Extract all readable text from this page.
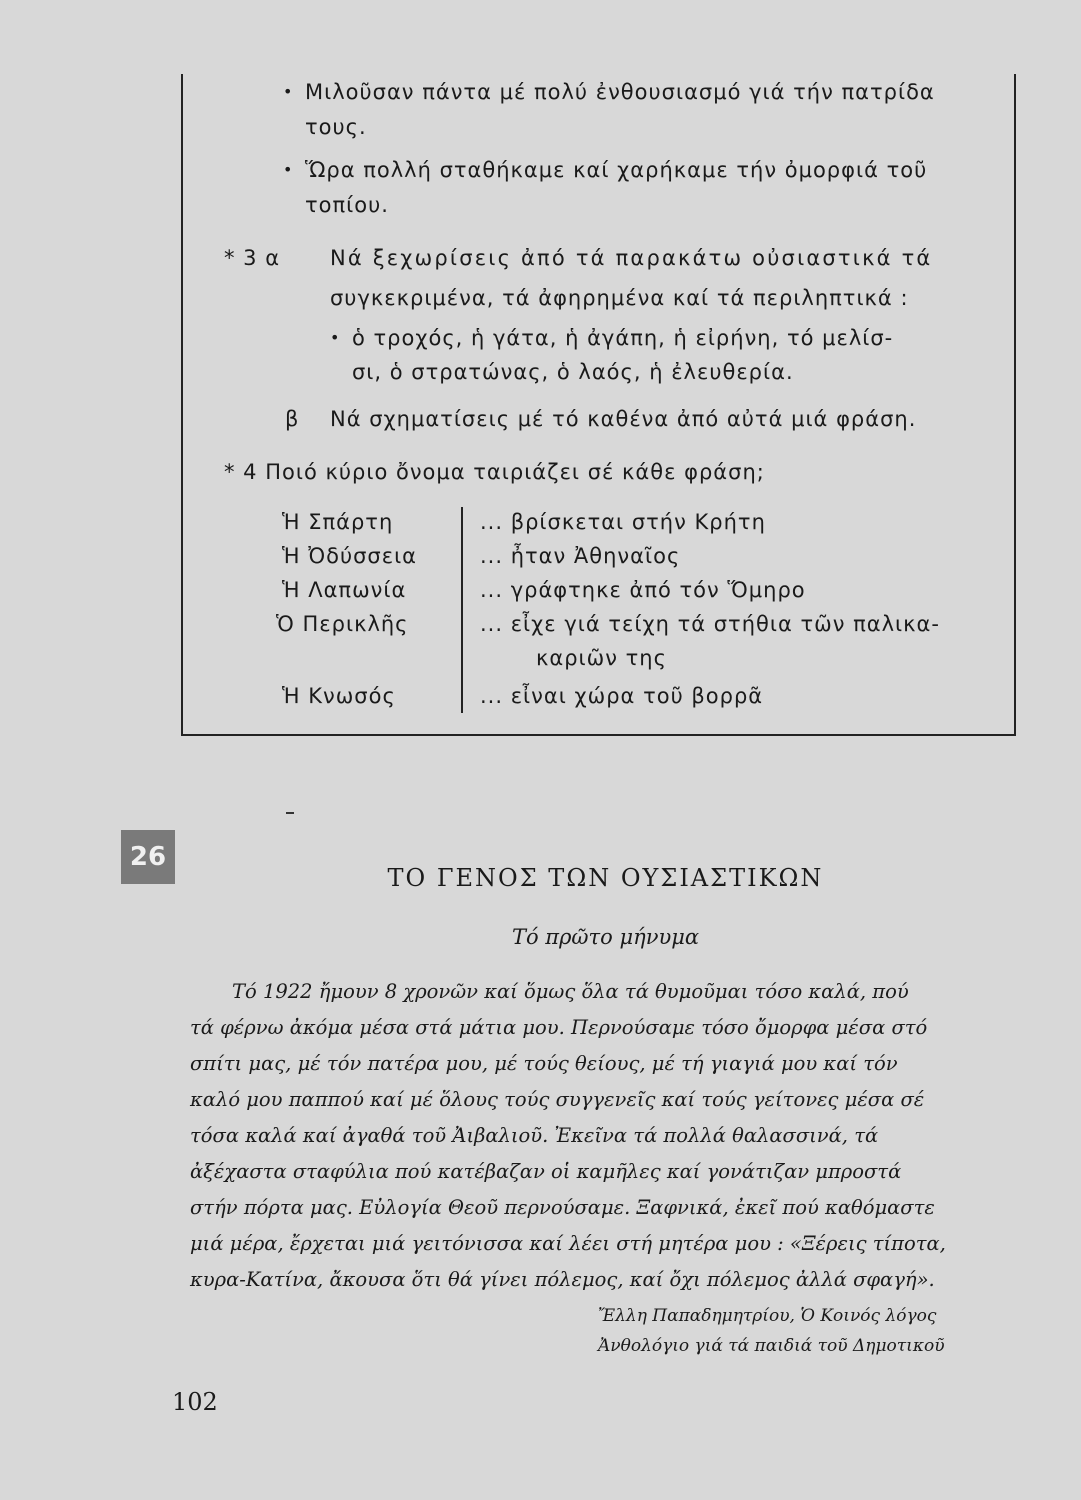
• Μιλοῦσαν πάντα μέ πολύ ἐνθουσιασμό γιά τήν πατρίδα
τους.
• Ὥρα πολλή σταθήκαμε καί χαρήκαμε τήν ὀμορφιά τοῦ
τοπίου.
* 3 α Νά ξεχωρίσεις ἀπό τά παρακάτω οὐσιαστικά τά
συγκεκριμένα, τά ἀφηρημένα καί τά περιληπτικά :
• ὁ τροχός, ἡ γάτα, ἡ ἀγάπη, ἡ εἰρήνη, τό μελίσ-
σι, ὁ στρατώνας, ὁ λαός, ἡ ἐλευθερία.
β Νά σχηματίσεις μέ τό καθένα ἀπό αὐτά μιά φράση.
* 4 Ποιό κύριο ὄνομα ταιριάζει σέ κάθε φράση;
Ἡ Σπάρτη
Ἡ Ὀδύσσεια
Ἡ Λαπωνία
Ὁ Περικλῆς
Ἡ Κνωσός
... βρίσκεται στήν Κρήτη
... ἦταν Ἀθηναῖος
... γράφτηκε ἀπό τόν Ὅμηρο
... εἶχε γιά τείχη τά στήθια τῶν παλικα-
καριῶν της
... εἶναι χώρα τοῦ βορρᾶ
26
ΤΟ ΓΕΝΟΣ ΤΩΝ ΟΥΣΙΑΣΤΙΚΩΝ
Τό πρῶτο μήνυμα
Τό 1922 ἤμουν 8 χρονῶν καί ὅμως ὅλα τά θυμοῦμαι τόσο καλά, πού
τά φέρνω ἀκόμα μέσα στά μάτια μου. Περνούσαμε τόσο ὄμορφα μέσα στό
σπίτι μας, μέ τόν πατέρα μου, μέ τούς θείους, μέ τή γιαγιά μου καί τόν
καλό μου παππού καί μέ ὅλους τούς συγγενεῖς καί τούς γείτονες μέσα σέ
τόσα καλά καί ἀγαθά τοῦ Ἀιβαλιοῦ. Ἐκεῖνα τά πολλά θαλασσινά, τά
ἀξέχαστα σταφύλια πού κατέβαζαν οἱ καμῆλες καί γονάτιζαν μπροστά
στήν πόρτα μας. Εὐλογία Θεοῦ περνούσαμε. Ξαφνικά, ἐκεῖ πού καθόμαστε
μιά μέρα, ἔρχεται μιά γειτόνισσα καί λέει στή μητέρα μου : «Ξέρεις τίποτα,
κυρα-Κατίνα, ἄκουσα ὅτι θά γίνει πόλεμος, καί ὄχι πόλεμος ἀλλά σφαγή».
Ἔλλη Παπαδημητρίου, Ὁ Κοινός λόγος
Ἀνθολόγιο γιά τά παιδιά τοῦ Δημοτικοῦ
102
